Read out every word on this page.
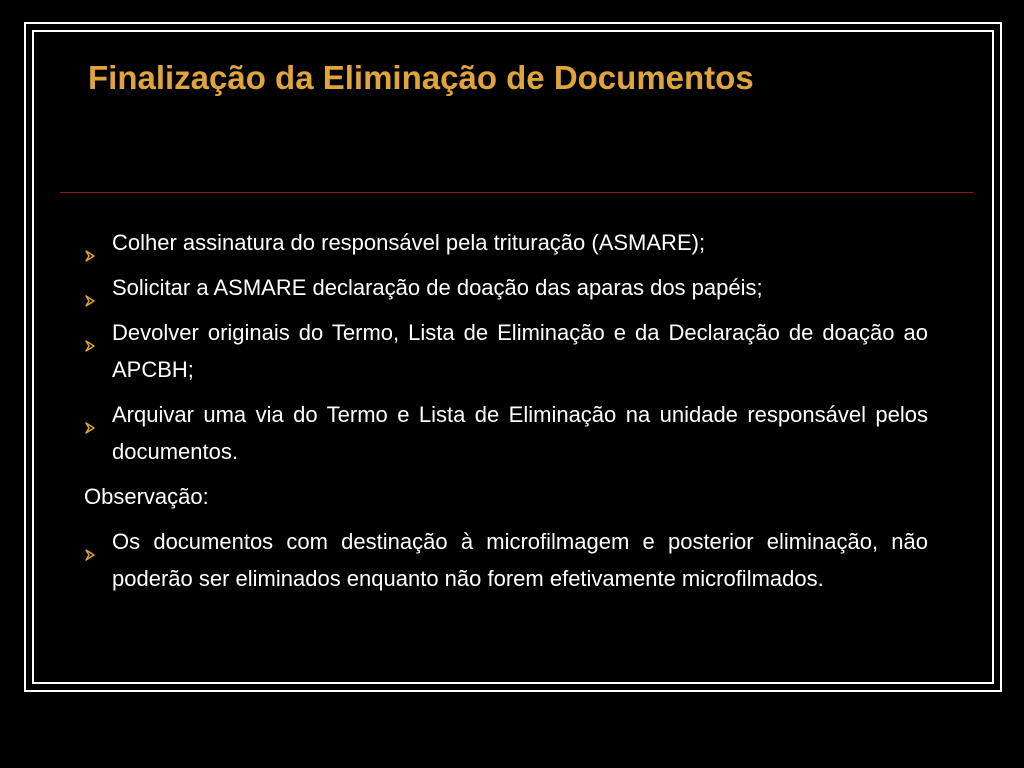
Finalização da Eliminação de Documentos
Colher assinatura do responsável pela trituração (ASMARE);
Solicitar a ASMARE declaração de doação das aparas dos papéis;
Devolver originais do Termo, Lista de Eliminação e da Declaração de doação ao APCBH;
Arquivar uma via do Termo e Lista de Eliminação na unidade responsável pelos documentos.
Observação:
Os documentos com destinação à microfilmagem e posterior eliminação, não poderão ser eliminados enquanto não forem efetivamente microfilmados.
